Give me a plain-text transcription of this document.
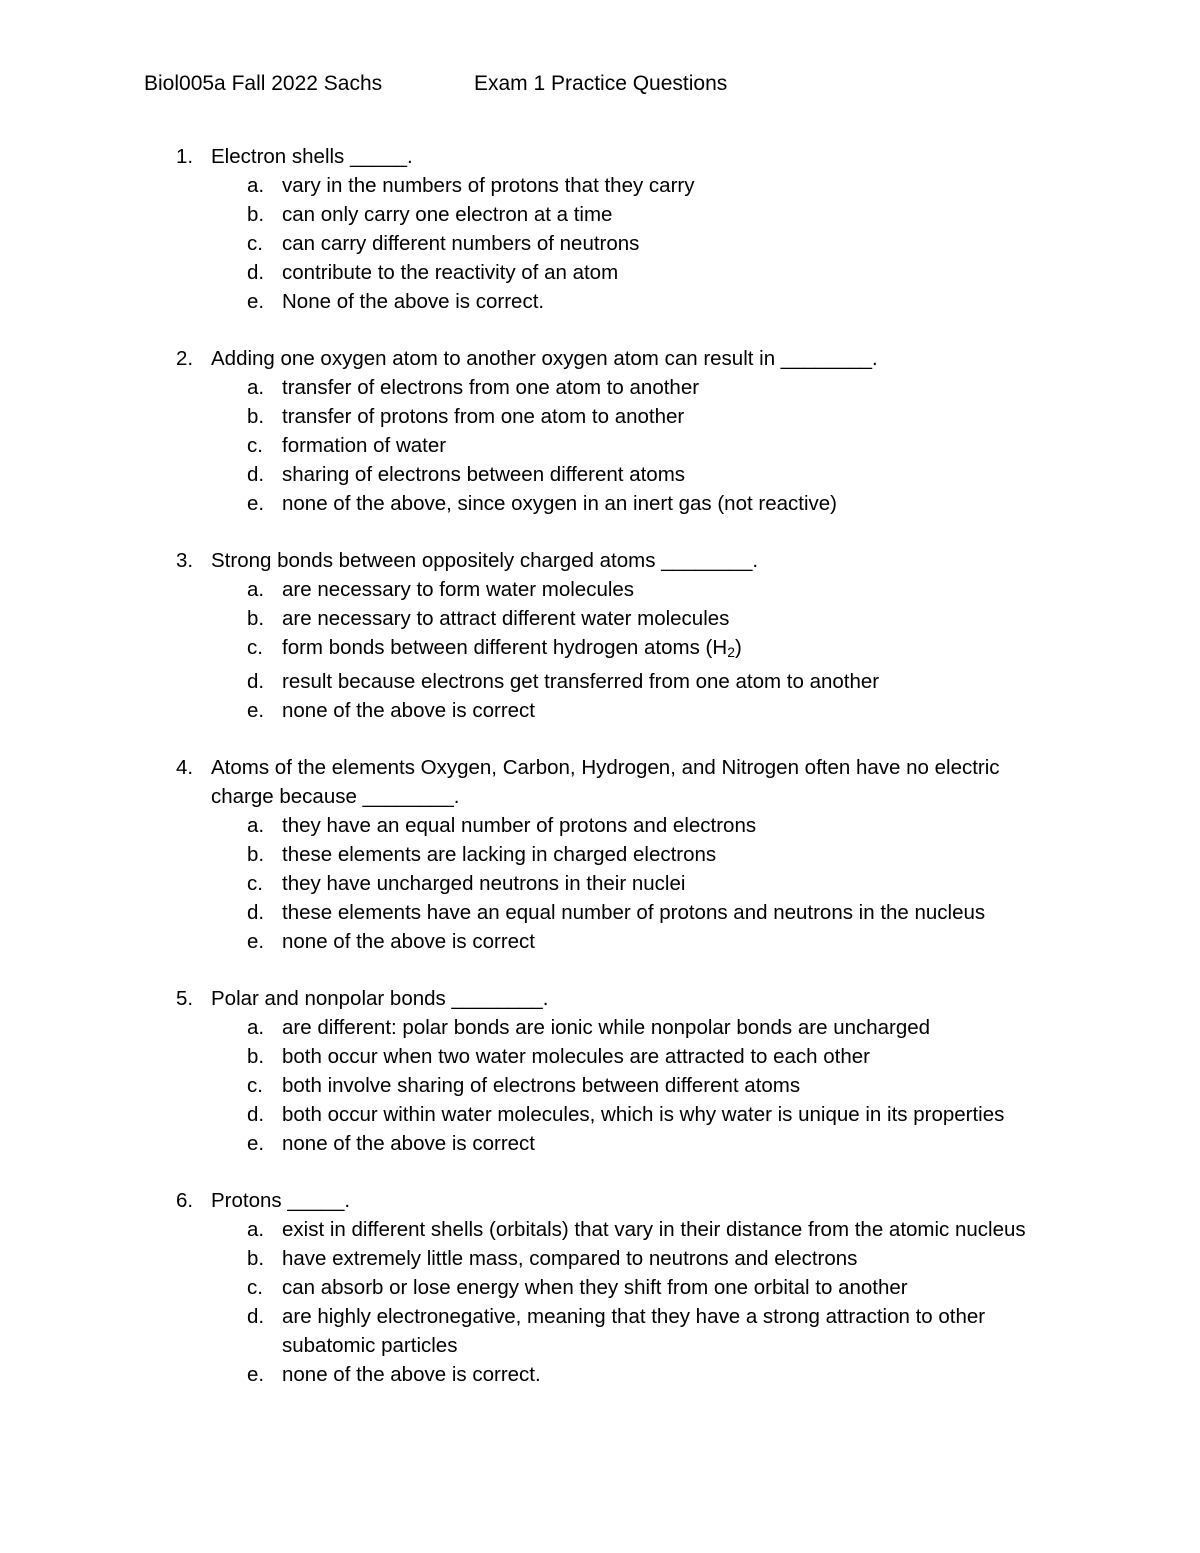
Biol005a Fall 2022 Sachs	Exam 1 Practice Questions
1. Electron shells _____.
a. vary in the numbers of protons that they carry
b. can only carry one electron at a time
c. can carry different numbers of neutrons
d. contribute to the reactivity of an atom
e. None of the above is correct.
2. Adding one oxygen atom to another oxygen atom can result in ________.
a. transfer of electrons from one atom to another
b. transfer of protons from one atom to another
c. formation of water
d. sharing of electrons between different atoms
e. none of the above, since oxygen in an inert gas (not reactive)
3. Strong bonds between oppositely charged atoms ________.
a. are necessary to form water molecules
b. are necessary to attract different water molecules
c. form bonds between different hydrogen atoms $(H_2)$
d. result because electrons get transferred from one atom to another
e. none of the above is correct
4. Atoms of the elements Oxygen, Carbon, Hydrogen, and Nitrogen often have no electric charge because ________.
a. they have an equal number of protons and electrons
b. these elements are lacking in charged electrons
c. they have uncharged neutrons in their nuclei
d. these elements have an equal number of protons and neutrons in the nucleus
e. none of the above is correct
5. Polar and nonpolar bonds ________.
a. are different: polar bonds are ionic while nonpolar bonds are uncharged
b. both occur when two water molecules are attracted to each other
c. both involve sharing of electrons between different atoms
d. both occur within water molecules, which is why water is unique in its properties
e. none of the above is correct
6. Protons _____.
a. exist in different shells (orbitals) that vary in their distance from the atomic nucleus
b. have extremely little mass, compared to neutrons and electrons
c. can absorb or lose energy when they shift from one orbital to another
d. are highly electronegative, meaning that they have a strong attraction to other subatomic particles
e. none of the above is correct.
